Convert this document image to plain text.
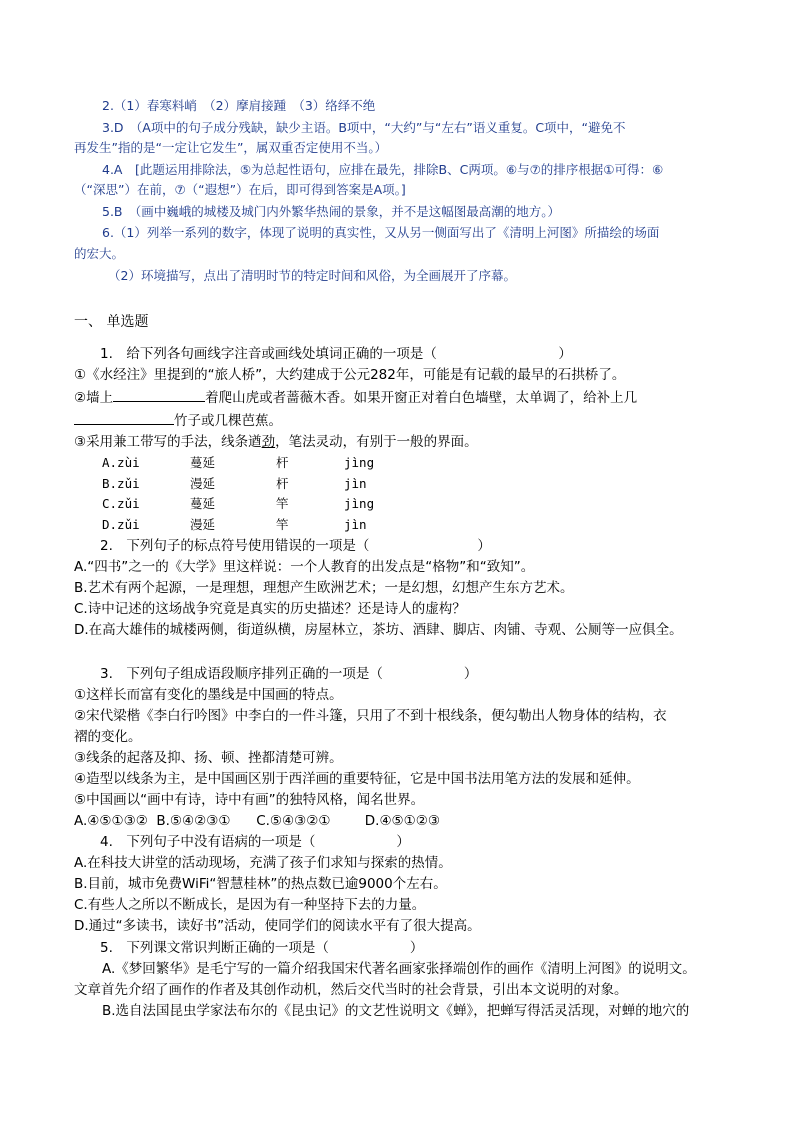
2.（1）春寒料峭　（2）摩肩接踵　（3）络绎不绝
3.D　（A项中的句子成分残缺，缺少主语。B项中，“大约”与“左右”语义重复。C项中，“避免不
再发生”指的是“一定让它发生”，属双重否定使用不当。）
4.A　[此题运用排除法，⑤为总起性语句，应排在最先，排除B、C两项。⑥与⑦的排序根据①可得：⑥
（“深思”）在前，⑦（“遐想”）在后，即可得到答案是A项。]
5.B　（画中巍峨的城楼及城门内外繁华热闹的景象，并不是这幅图最高潮的地方。）
6.（1）列举一系列的数字，体现了说明的真实性，又从另一侧面写出了《清明上河图》所描绘的场面
的宏大。
（2）环境描写，点出了清明时节的特定时间和风俗，为全画展开了序幕。
一、 单选题
1.　给下列各句画线字注音或画线处填词正确的一项是（　　　　　　　　　）
①《水经注》里提到的“旅人桥”，大约建成于公元282年，可能是有记载的最早的石拱桥了。
②墙上	着爬山虎或者蔷薇木香。如果开窗正对着白色墙壁，太单调了，给补上几
竹子或几棵芭蕉。
③采用兼工带写的手法，线条遒劲，笔法灵动，有别于一般的界面。
A.zùi	蔓延	杆	jìng
B.zǔi	漫延	杆	jìn
C.zǔi	蔓延	竿	jìng
D.zǔi	漫延	竿	jìn
2.　下列句子的标点符号使用错误的一项是（　　　　　　　　）
A.“四书”之一的《大学》里这样说：一个人教育的出发点是“格物”和“致知”。
B.艺术有两个起源，一是理想，理想产生欧洲艺术；一是幻想，幻想产生东方艺术。
C.诗中记述的这场战争究竟是真实的历史描述？还是诗人的虚构？
D.在高大雄伟的城楼两侧，街道纵横，房屋林立，茶坊、酒肆、脚店、肉铺、寺观、公厕等一应俱全。
3.　下列句子组成语段顺序排列正确的一项是（　　　　　　）
①这样长而富有变化的墨线是中国画的特点。
②宋代梁楷《李白行吟图》中李白的一件斗篷，只用了不到十根线条，便勾勒出人物身体的结构，衣
褶的变化。
③线条的起落及抑、扬、顿、挫都清楚可辨。
④造型以线条为主，是中国画区别于西洋画的重要特征，它是中国书法用笔方法的发展和延伸。
⑤中国画以“画中有诗，诗中有画”的独特风格，闻名世界。
A.④⑤①③②  B.⑤④②③①      C.⑤④③②①        D.④⑤①②③
4.　下列句子中没有语病的一项是（　　　　　　）
A.在科技大讲堂的活动现场，充满了孩子们求知与探索的热情。
B.目前，城市免费WiFi“智慧桂林”的热点数已逾9000个左右。
C.有些人之所以不断成长，是因为有一种坚持下去的力量。
D.通过“多读书，读好书”活动，使同学们的阅读水平有了很大提高。
5.　下列课文常识判断正确的一项是（　　　　　　）
A.《梦回繁华》是毛宁写的一篇介绍我国宋代著名画家张择端创作的画作《清明上河图》的说明文。
文章首先介绍了画作的作者及其创作动机，然后交代当时的社会背景，引出本文说明的对象。
B.选自法国昆虫学家法布尔的《昆虫记》的文艺性说明文《蝉》，把蝉写得活灵活现，对蝉的地穴的
